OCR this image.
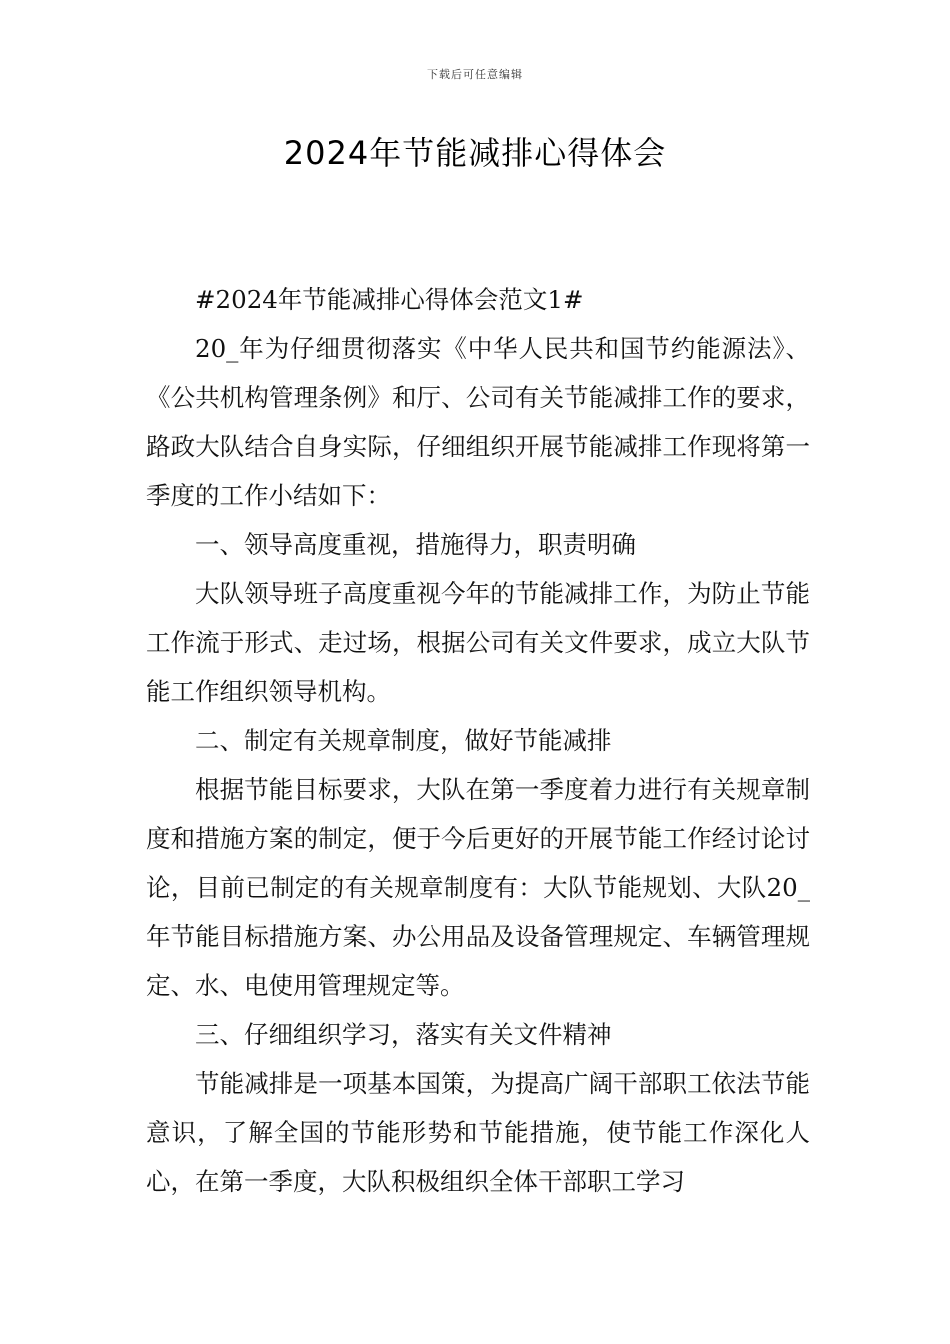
下载后可任意编辑
2024年节能减排心得体会

#2024年节能减排心得体会范文1#

20_年为仔细贯彻落实《中华人民共和国节约能源法》、《公共机构管理条例》和厅、公司有关节能减排工作的要求，路政大队结合自身实际，仔细组织开展节能减排工作现将第一季度的工作小结如下：

一、领导高度重视，措施得力，职责明确

大队领导班子高度重视今年的节能减排工作，为防止节能工作流于形式、走过场，根据公司有关文件要求，成立大队节能工作组织领导机构。

二、制定有关规章制度，做好节能减排

根据节能目标要求，大队在第一季度着力进行有关规章制度和措施方案的制定，便于今后更好的开展节能工作经讨论讨论，目前已制定的有关规章制度有：大队节能规划、大队20_年节能目标措施方案、办公用品及设备管理规定、车辆管理规定、水、电使用管理规定等。

三、仔细组织学习，落实有关文件精神

节能减排是一项基本国策，为提高广阔干部职工依法节能意识，了解全国的节能形势和节能措施，使节能工作深化人心，在第一季度，大队积极组织全体干部职工学习
